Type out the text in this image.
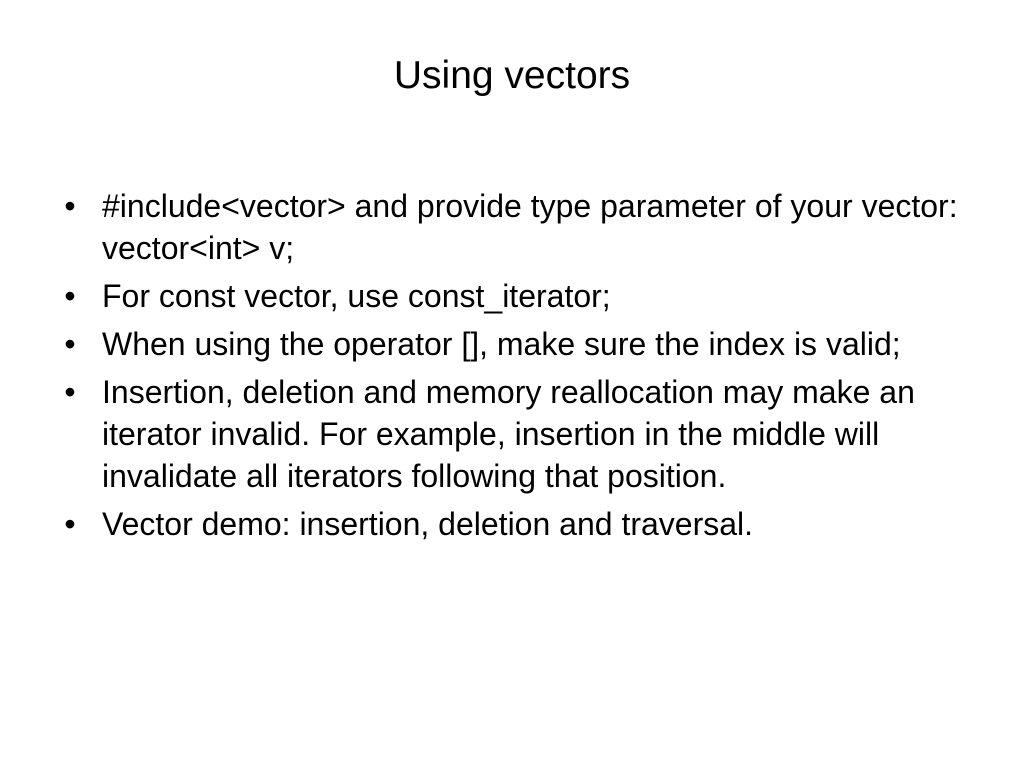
Using vectors
• #include<vector> and provide type parameter of your vector: vector<int> v;
• For const vector, use const_iterator;
• When using the operator [], make sure the index is valid;
• Insertion, deletion and memory reallocation may make an iterator invalid. For example, insertion in the middle will invalidate all iterators following that position.
• Vector demo: insertion, deletion and traversal.
